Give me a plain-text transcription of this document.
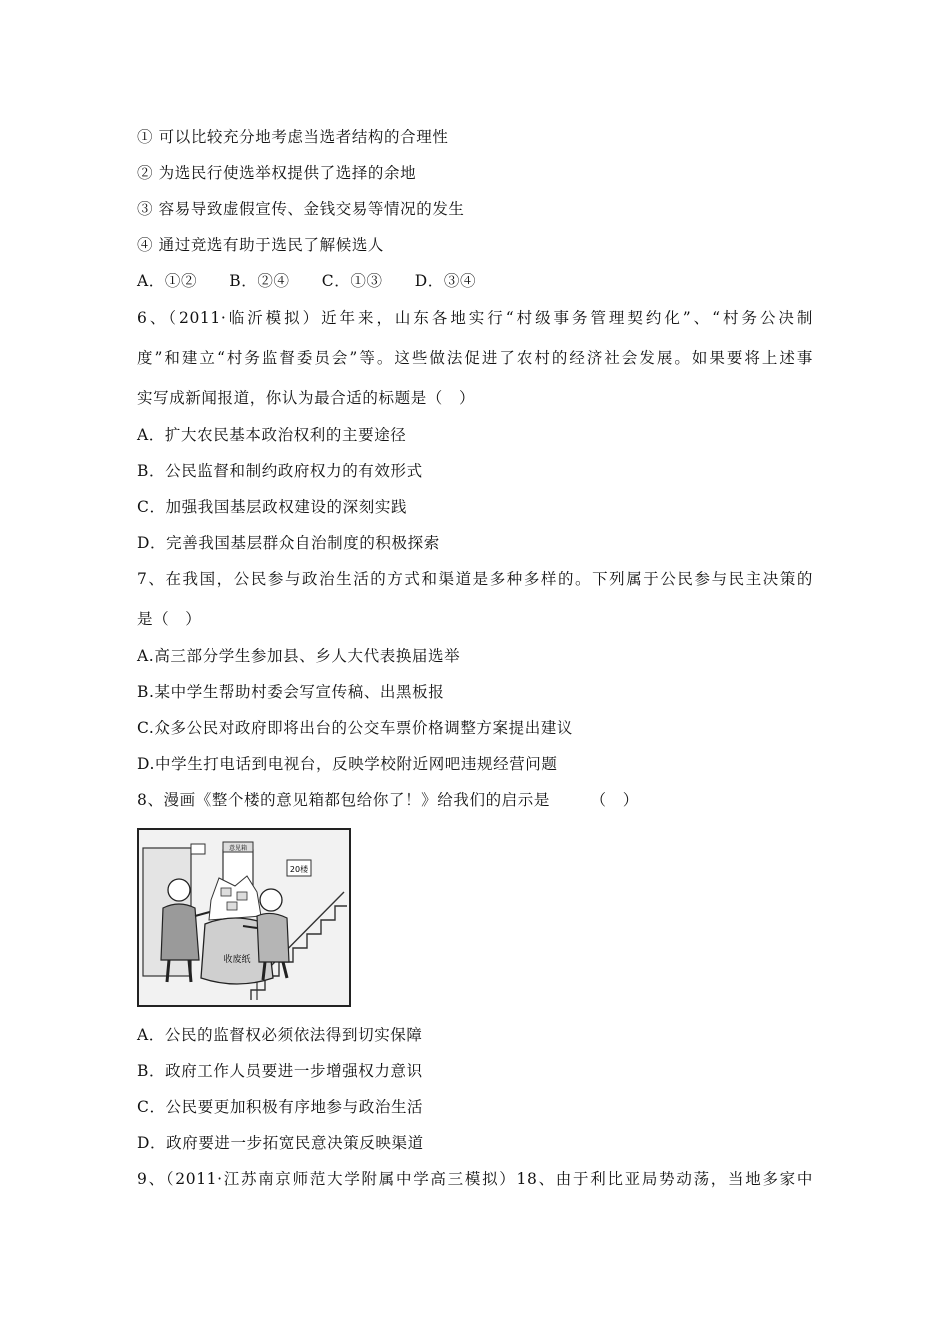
① 可以比较充分地考虑当选者结构的合理性
② 为选民行使选举权提供了选择的余地
③ 容易导致虚假宣传、金钱交易等情况的发生
④ 通过竞选有助于选民了解候选人
A．①②　　B．②④　　C．①③　　D．③④
6、（2011·临沂模拟）近年来，山东各地实行“村级事务管理契约化”、“村务公决制
度”和建立“村务监督委员会”等。这些做法促进了农村的经济社会发展。如果要将上述事
实写成新闻报道，你认为最合适的标题是（　）
A．扩大农民基本政治权利的主要途径
B．公民监督和制约政府权力的有效形式
C．加强我国基层政权建设的深刻实践
D．完善我国基层群众自治制度的积极探索
7、在我国，公民参与政治生活的方式和渠道是多种多样的。下列属于公民参与民主决策的
是（　）
A.高三部分学生参加县、乡人大代表换届选举
B.某中学生帮助村委会写宣传稿、出黑板报
C.众多公民对政府即将出台的公交车票价格调整方案提出建议
D.中学生打电话到电视台，反映学校附近网吧违规经营问题
8、漫画《整个楼的意见箱都包给你了！》给我们的启示是　　　（　）
20楼
意见箱
收废纸
A．公民的监督权必须依法得到切实保障
B．政府工作人员要进一步增强权力意识
C．公民要更加积极有序地参与政治生活
D．政府要进一步拓宽民意决策反映渠道
9、（2011·江苏南京师范大学附属中学高三模拟）18、由于利比亚局势动荡，当地多家中
